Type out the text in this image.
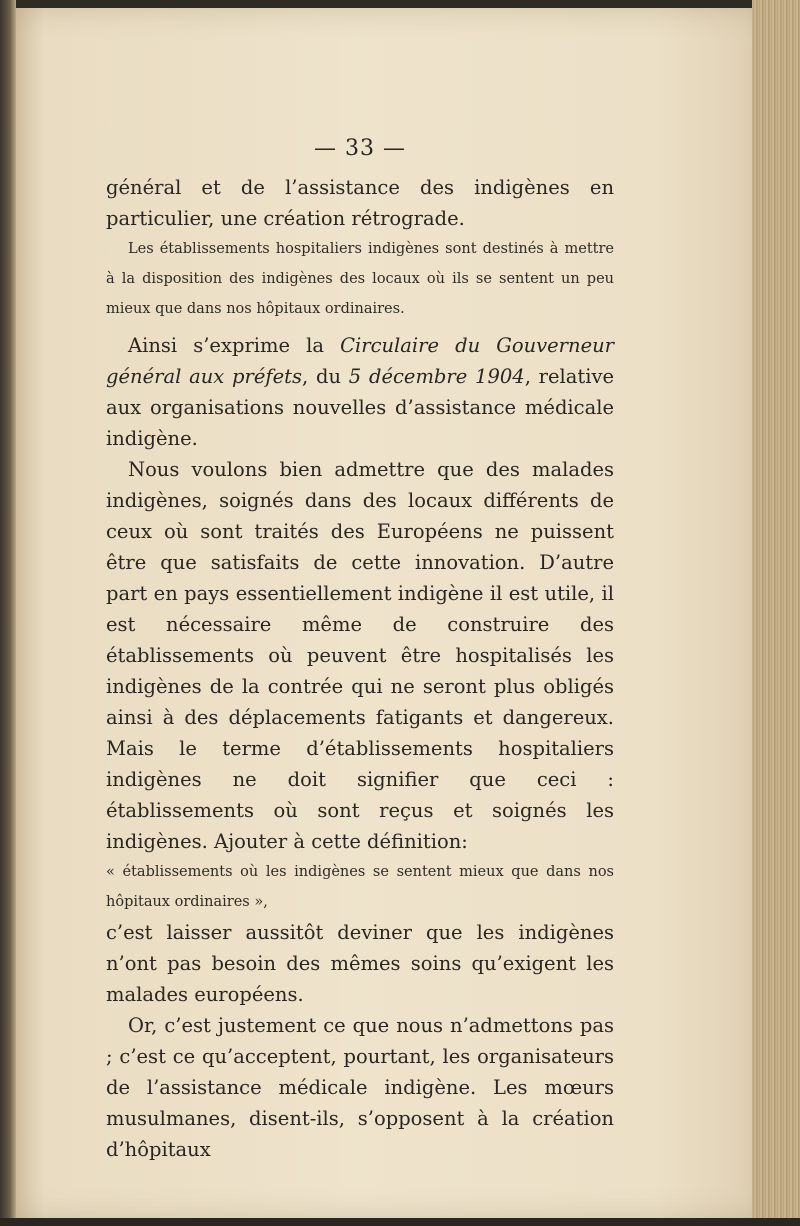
— 33 —

général et de l’assistance des indigènes en particulier, une création rétrograde.

Les établissements hospitaliers indigènes sont destinés à mettre à la disposition des indigènes des locaux où ils se sentent un peu mieux que dans nos hôpitaux ordinaires.

Ainsi s’exprime la Circulaire du Gouverneur général aux préfets, du 5 décembre 1904, relative aux organisations nouvelles d’assistance médicale indigène.

Nous voulons bien admettre que des malades indigènes, soignés dans des locaux différents de ceux où sont traités des Européens ne puissent être que satisfaits de cette innovation. D’autre part en pays essentiellement indigène il est utile, il est nécessaire même de construire des établissements où peuvent être hospitalisés les indigènes de la contrée qui ne seront plus obligés ainsi à des déplacements fatigants et dangereux. Mais le terme d’établissements hospitaliers indigènes ne doit signifier que ceci : établissements où sont reçus et soignés les indigènes. Ajouter à cette définition:

« établissements où les indigènes se sentent mieux que dans nos hôpitaux ordinaires »,

c’est laisser aussitôt deviner que les indigènes n’ont pas besoin des mêmes soins qu’exigent les malades européens.

Or, c’est justement ce que nous n’admettons pas ; c’est ce qu’acceptent, pourtant, les organisateurs de l’assistance médicale indigène. Les mœurs musulmanes, disent-ils, s’opposent à la création d’hôpitaux
